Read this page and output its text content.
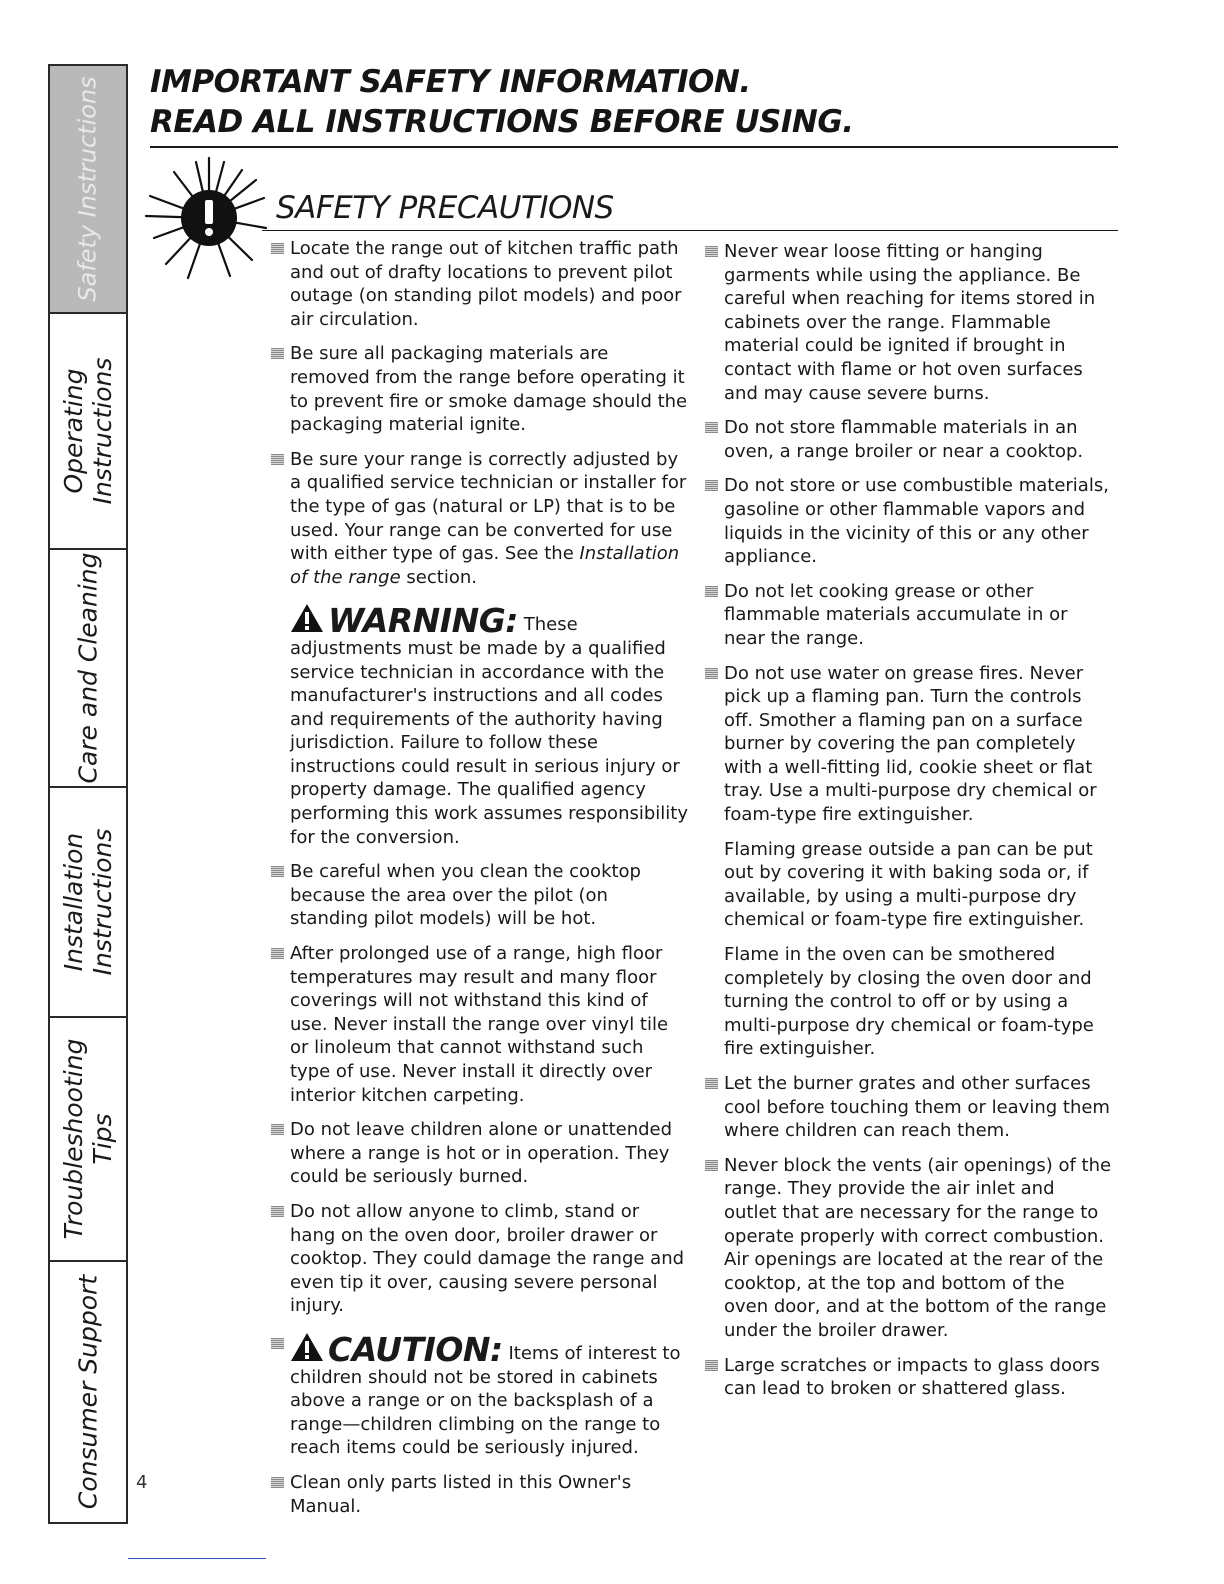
Safety Instructions
Operating Instructions
Care and Cleaning
Installation Instructions
Troubleshooting Tips
Consumer Support
IMPORTANT SAFETY INFORMATION.
READ ALL INSTRUCTIONS BEFORE USING.
SAFETY PRECAUTIONS
Locate the range out of kitchen traffic path and out of drafty locations to prevent pilot outage (on standing pilot models) and poor air circulation.
Be sure all packaging materials are removed from the range before operating it to prevent fire or smoke damage should the packaging material ignite.
Be sure your range is correctly adjusted by a qualified service technician or installer for the type of gas (natural or LP) that is to be used. Your range can be converted for use with either type of gas. See the Installation of the range section.
WARNING: These adjustments must be made by a qualified service technician in accordance with the manufacturer's instructions and all codes and requirements of the authority having jurisdiction. Failure to follow these instructions could result in serious injury or property damage. The qualified agency performing this work assumes responsibility for the conversion.
Be careful when you clean the cooktop because the area over the pilot (on standing pilot models) will be hot.
After prolonged use of a range, high floor temperatures may result and many floor coverings will not withstand this kind of use. Never install the range over vinyl tile or linoleum that cannot withstand such type of use. Never install it directly over interior kitchen carpeting.
Do not leave children alone or unattended where a range is hot or in operation. They could be seriously burned.
Do not allow anyone to climb, stand or hang on the oven door, broiler drawer or cooktop. They could damage the range and even tip it over, causing severe personal injury.
CAUTION: Items of interest to children should not be stored in cabinets above a range or on the backsplash of a range—children climbing on the range to reach items could be seriously injured.
Clean only parts listed in this Owner's Manual.
Never wear loose fitting or hanging garments while using the appliance. Be careful when reaching for items stored in cabinets over the range. Flammable material could be ignited if brought in contact with flame or hot oven surfaces and may cause severe burns.
Do not store flammable materials in an oven, a range broiler or near a cooktop.
Do not store or use combustible materials, gasoline or other flammable vapors and liquids in the vicinity of this or any other appliance.
Do not let cooking grease or other flammable materials accumulate in or near the range.
Do not use water on grease fires. Never pick up a flaming pan. Turn the controls off. Smother a flaming pan on a surface burner by covering the pan completely with a well-fitting lid, cookie sheet or flat tray. Use a multi-purpose dry chemical or foam-type fire extinguisher.
Flaming grease outside a pan can be put out by covering it with baking soda or, if available, by using a multi-purpose dry chemical or foam-type fire extinguisher.
Flame in the oven can be smothered completely by closing the oven door and turning the control to off or by using a multi-purpose dry chemical or foam-type fire extinguisher.
Let the burner grates and other surfaces cool before touching them or leaving them where children can reach them.
Never block the vents (air openings) of the range. They provide the air inlet and outlet that are necessary for the range to operate properly with correct combustion. Air openings are located at the rear of the cooktop, at the top and bottom of the oven door, and at the bottom of the range under the broiler drawer.
Large scratches or impacts to glass doors can lead to broken or shattered glass.
4
